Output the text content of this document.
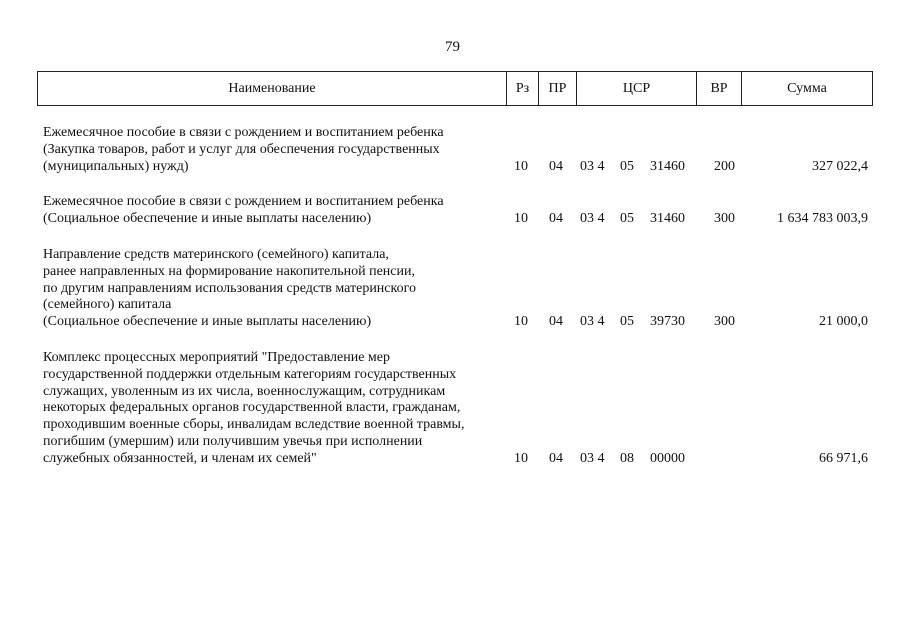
79
Наименование	Рз	ПР	ЦСР	ВР	Сумма
Ежемесячное пособие в связи с рождением и воспитанием ребенка
(Закупка товаров, работ и услуг для обеспечения государственных
(муниципальных) нужд)	10 04 03 4 05 31460 200	327 022,4
Ежемесячное пособие в связи с рождением и воспитанием ребенка
(Социальное обеспечение и иные выплаты населению)	10 04 03 4 05 31460 300	1 634 783 003,9
Направление средств материнского (семейного) капитала,
ранее направленных на формирование накопительной пенсии,
по другим направлениям использования средств материнского
(семейного) капитала
(Социальное обеспечение и иные выплаты населению)	10 04 03 4 05 39730 300	21 000,0
Комплекс процессных мероприятий "Предоставление мер
государственной поддержки отдельным категориям государственных
служащих, уволенным из их числа, военнослужащим, сотрудникам
некоторых федеральных органов государственной власти, гражданам,
проходившим военные сборы, инвалидам вследствие военной травмы,
погибшим (умершим) или получившим увечья при исполнении
служебных обязанностей, и членам их семей"	10 04 03 4 08 00000	66 971,6
